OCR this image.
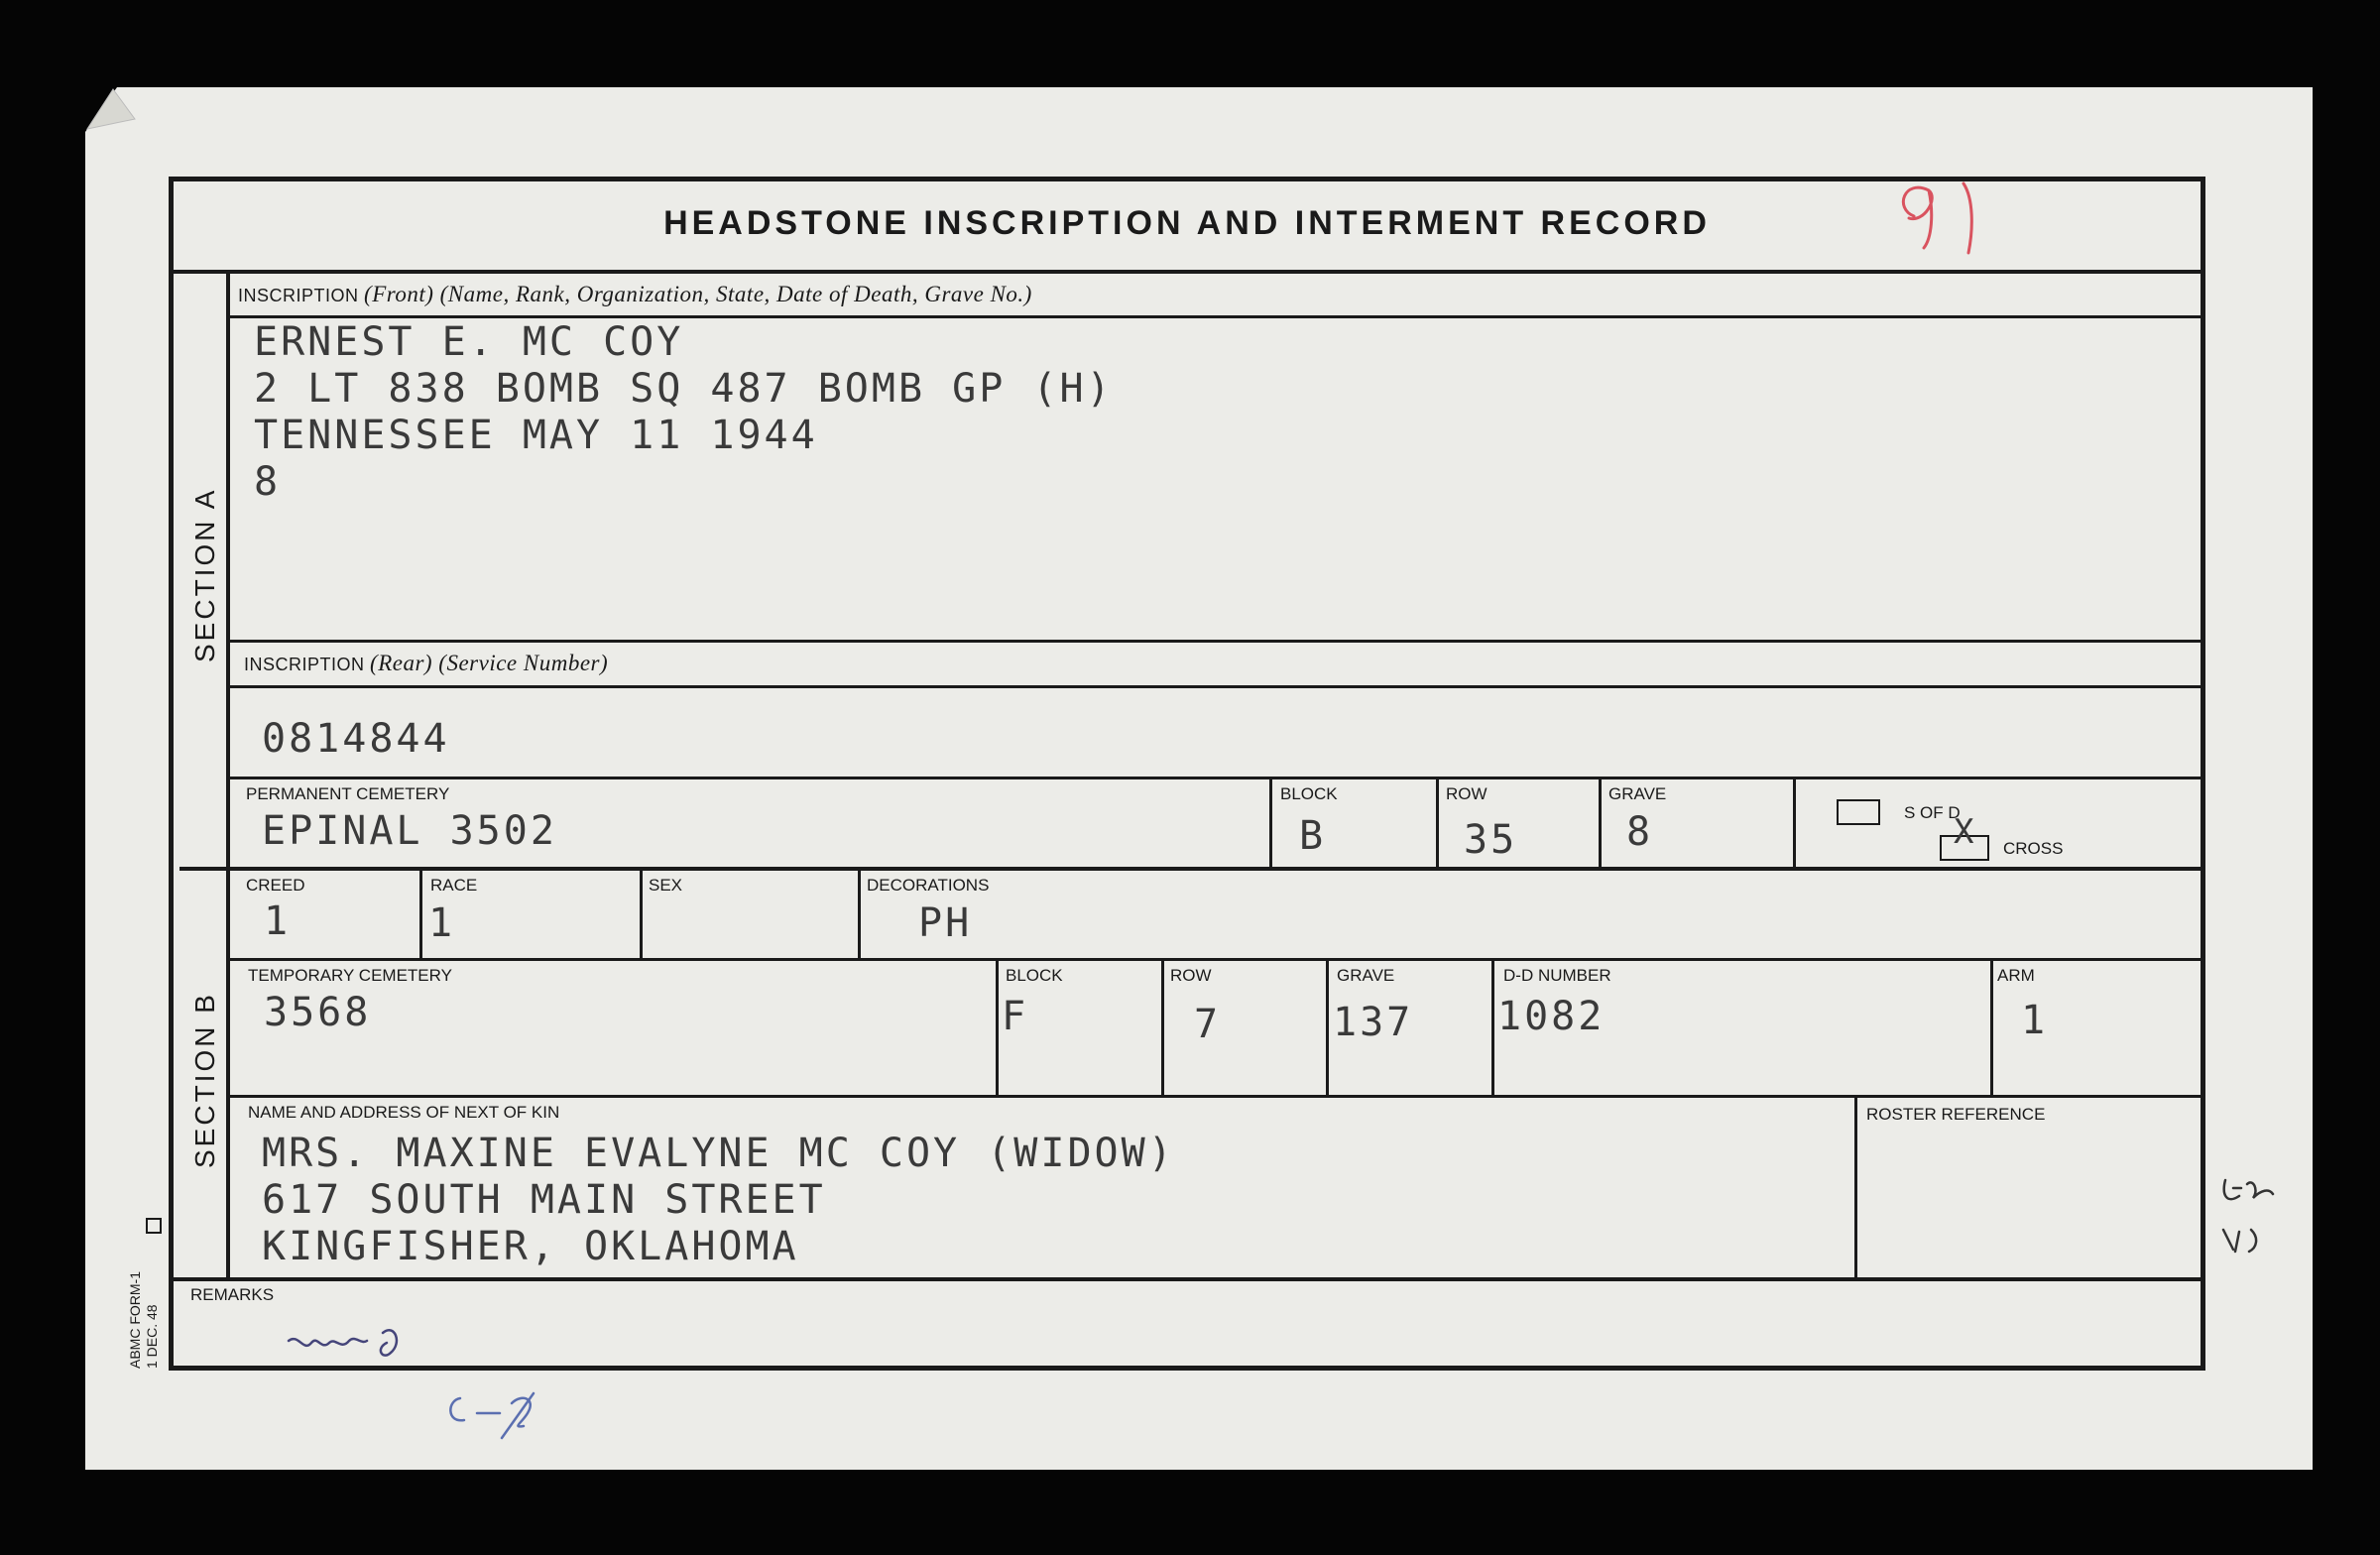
HEADSTONE INSCRIPTION AND INTERMENT RECORD
SECTION A
SECTION B
ABMC FORM-1 1 DEC. 48
INSCRIPTION (Front) (Name, Rank, Organization, State, Date of Death, Grave No.)
ERNEST E. MC COY
2 LT 838 BOMB SQ 487 BOMB GP (H)
TENNESSEE MAY 11 1944
8
INSCRIPTION (Rear) (Service Number)
0814844
PERMANENT CEMETERY
EPINAL 3502
BLOCK
B
ROW
35
GRAVE
8	S OF D
X CROSS
CREED
1
RACE
1
SEX	DECORATIONS
PH
TEMPORARY CEMETERY
3568
BLOCK
F
ROW
7
GRAVE
137
D-D NUMBER
1082
ARM
1
NAME AND ADDRESS OF NEXT OF KIN
MRS. MAXINE EVALYNE MC COY (WIDOW)
617 SOUTH MAIN STREET
KINGFISHER, OKLAHOMA
ROSTER REFERENCE
REMARKS
